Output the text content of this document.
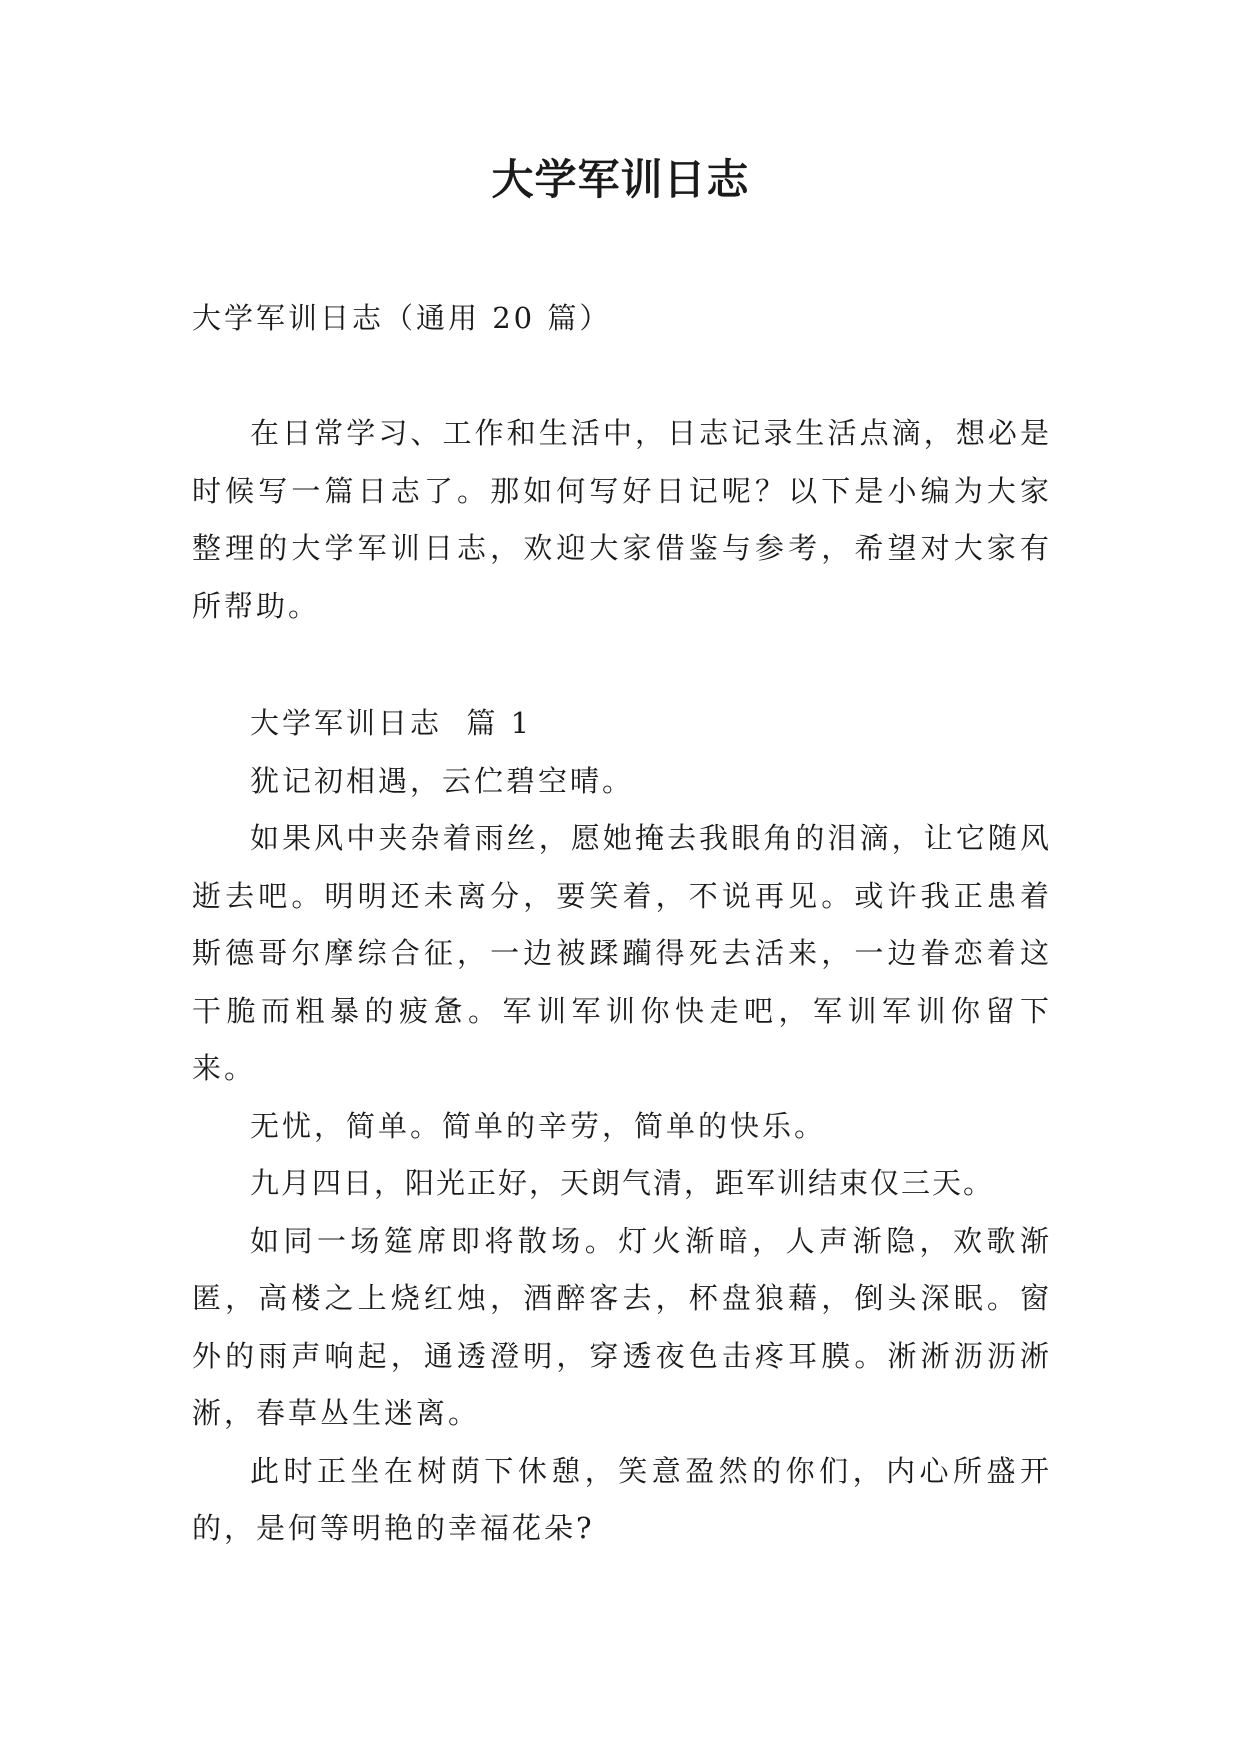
大学军训日志

大学军训日志（通用 20 篇）

在日常学习、工作和生活中，日志记录生活点滴，想必是时候写一篇日志了。那如何写好日记呢？以下是小编为大家整理的大学军训日志，欢迎大家借鉴与参考，希望对大家有所帮助。

大学军训日志  篇 1

犹记初相遇，云伫碧空晴。

如果风中夹杂着雨丝，愿她掩去我眼角的泪滴，让它随风逝去吧。明明还未离分，要笑着，不说再见。或许我正患着斯德哥尔摩综合征，一边被蹂躏得死去活来，一边眷恋着这干脆而粗暴的疲惫。军训军训你快走吧，军训军训你留下来。

无忧，简单。简单的辛劳，简单的快乐。

九月四日，阳光正好，天朗气清，距军训结束仅三天。

如同一场筵席即将散场。灯火渐暗，人声渐隐，欢歌渐匿，高楼之上烧红烛，酒醉客去，杯盘狼藉，倒头深眠。窗外的雨声响起，通透澄明，穿透夜色击疼耳膜。淅淅沥沥淅淅，春草丛生迷离。

此时正坐在树荫下休憩，笑意盈然的你们，内心所盛开的，是何等明艳的幸福花朵?
